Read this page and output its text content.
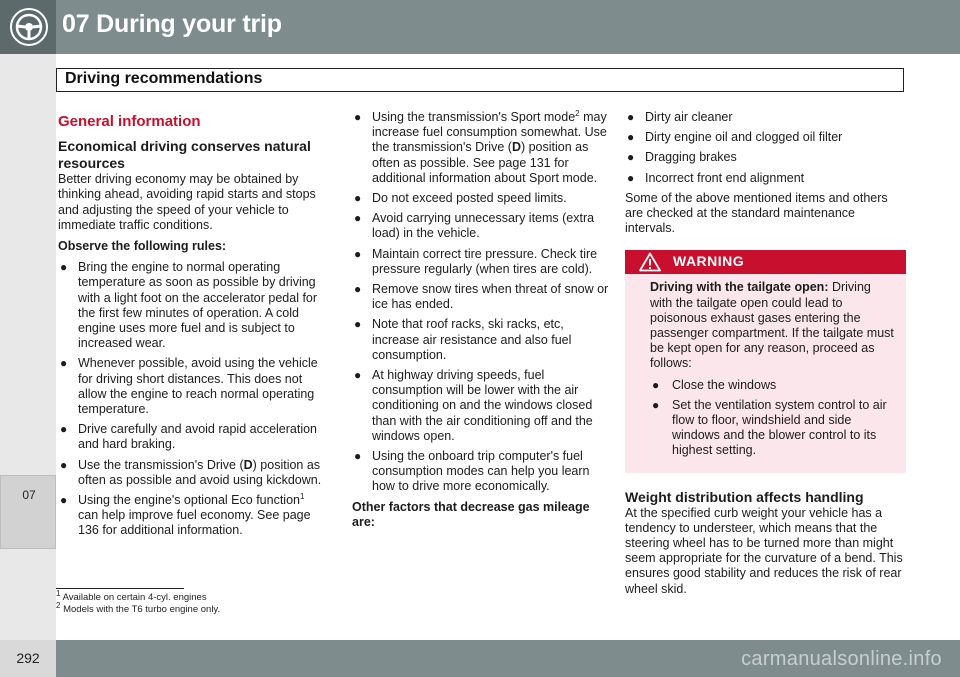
07 During your trip
Driving recommendations
07
General information
Economical driving conserves natural resources

Better driving economy may be obtained by thinking ahead, avoiding rapid starts and stops and adjusting the speed of your vehicle to immediate traffic conditions.

Observe the following rules:

● Bring the engine to normal operating temperature as soon as possible by driving with a light foot on the accelerator pedal for the first few minutes of operation. A cold engine uses more fuel and is subject to increased wear.
● Whenever possible, avoid using the vehicle for driving short distances. This does not allow the engine to reach normal operating temperature.
● Drive carefully and avoid rapid acceleration and hard braking.
● Use the transmission's Drive (D) position as often as possible and avoid using kickdown.
● Using the engine's optional Eco function$^1$ can help improve fuel economy. See page 136 for additional information.
● Using the transmission's Sport mode$^2$ may increase fuel consumption somewhat. Use the transmission's Drive (D) position as often as possible. See page 131 for additional information about Sport mode.
● Do not exceed posted speed limits.
● Avoid carrying unnecessary items (extra load) in the vehicle.
● Maintain correct tire pressure. Check tire pressure regularly (when tires are cold).
● Remove snow tires when threat of snow or ice has ended.
● Note that roof racks, ski racks, etc, increase air resistance and also fuel consumption.
● At highway driving speeds, fuel consumption will be lower with the air conditioning on and the windows closed than with the air conditioning off and the windows open.
● Using the onboard trip computer's fuel consumption modes can help you learn how to drive more economically.

Other factors that decrease gas mileage are:

● Dirty air cleaner
● Dirty engine oil and clogged oil filter
● Dragging brakes
● Incorrect front end alignment

Some of the above mentioned items and others are checked at the standard maintenance intervals.

WARNING

Driving with the tailgate open: Driving with the tailgate open could lead to poisonous exhaust gases entering the passenger compartment. If the tailgate must be kept open for any reason, proceed as follows:

● Close the windows
● Set the ventilation system control to air flow to floor, windshield and side windows and the blower control to its highest setting.
Weight distribution affects handling

At the specified curb weight your vehicle has a tendency to understeer, which means that the steering wheel has to be turned more than might seem appropriate for the curvature of a bend. This ensures good stability and reduces the risk of rear wheel skid.

$^1$ Available on certain 4-cyl. engines
$^2$ Models with the T6 turbo engine only.
292	carmanualsonline.info
